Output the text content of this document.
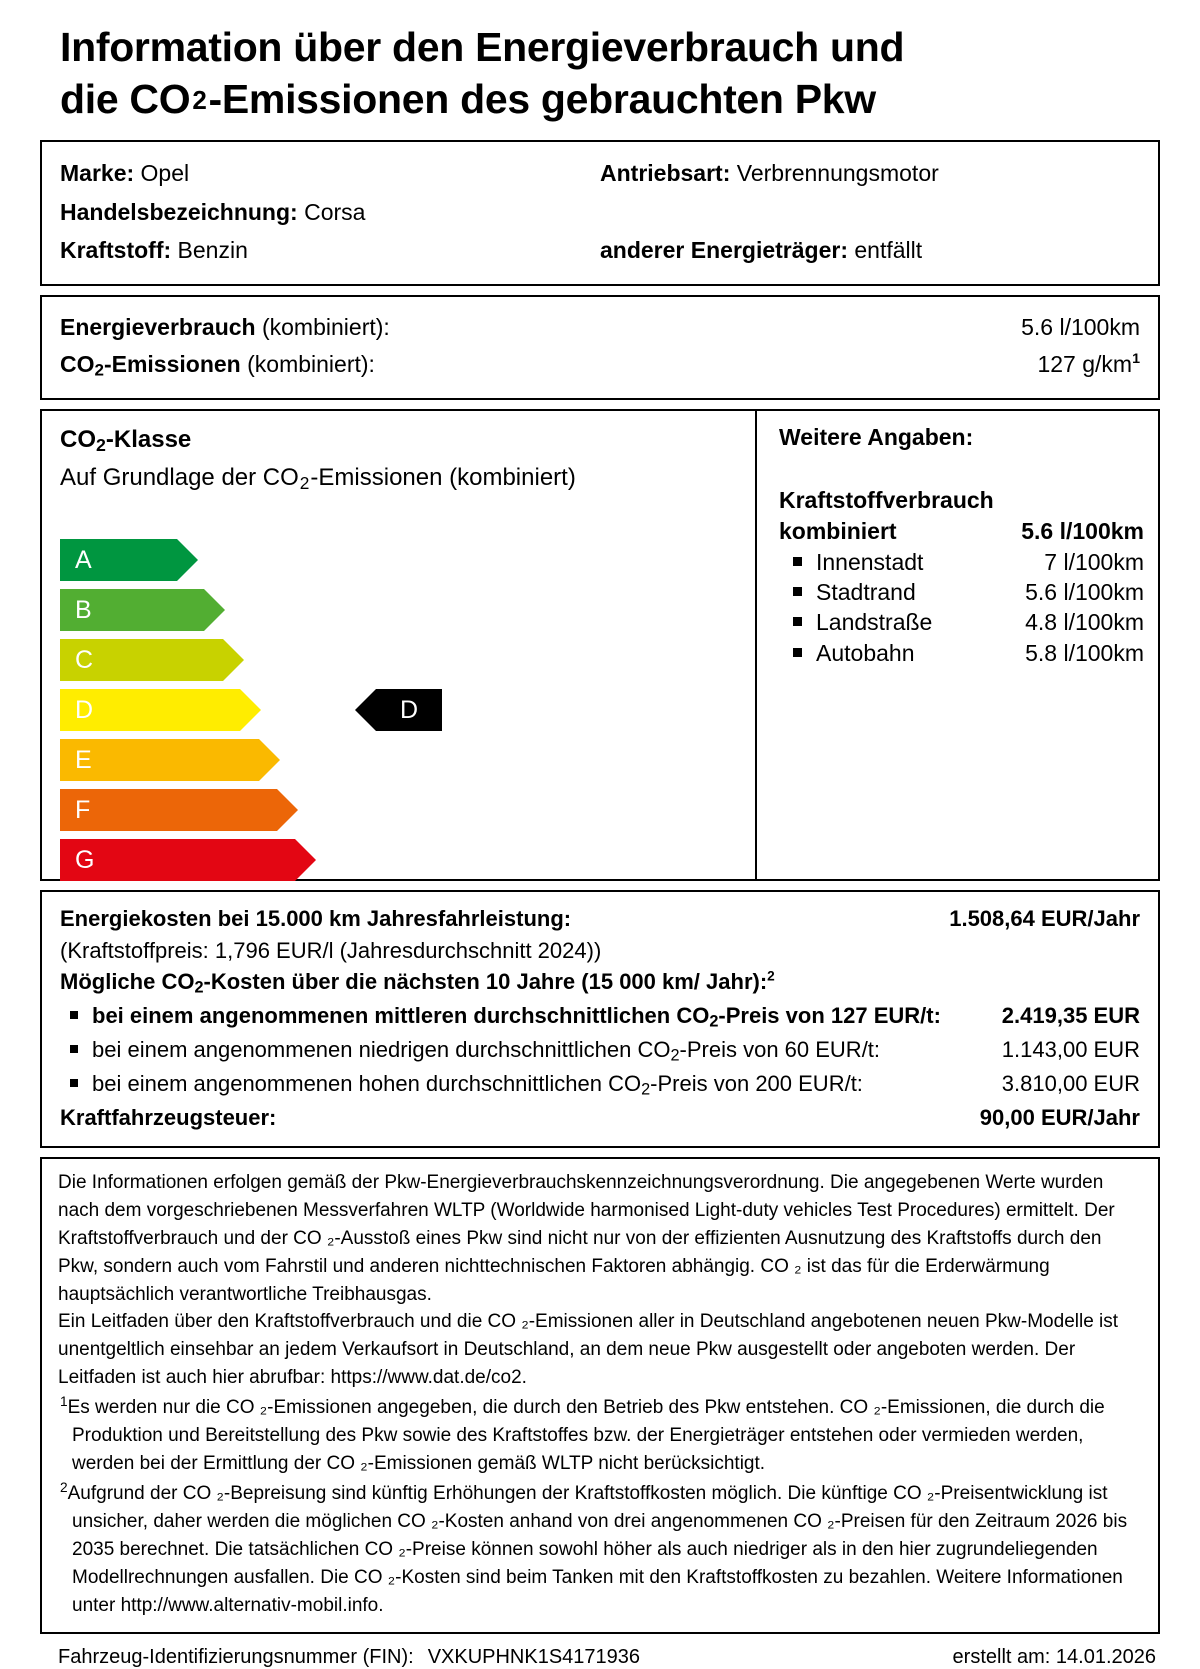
Information über den Energieverbrauch und
die CO2-Emissionen des gebrauchten Pkw
Marke: Opel
Handelsbezeichnung: Corsa
Kraftstoff: Benzin
Antriebsart: Verbrennungsmotor

anderer Energieträger: entfällt
Energieverbrauch (kombiniert):	5.6 l/100km
$CO_2$-Emissionen (kombiniert):	127 $g/km^1$
$CO_2$-Klasse
Auf Grundlage der CO2-Emissionen (kombiniert)
A
B
C
D	D
E
F
G
Weitere Angaben:
Kraftstoffverbrauch
kombiniert	5.6 l/100km
Innenstadt	7 l/100km
Stadtrand	5.6 l/100km
Landstraße	4.8 l/100km
Autobahn	5.8 l/100km
Energiekosten bei 15.000 km Jahresfahrleistung:	1.508,64 EUR/Jahr
(Kraftstoffpreis: 1,796 EUR/l (Jahresdurchschnitt 2024))
Mögliche $CO_2$-Kosten über die nächsten 10 Jahre (15 000 km/ Jahr):$^2$
bei einem angenommenen mittleren durchschnittlichen $CO_2$-Preis von 127 EUR/t:	2.419,35 EUR
bei einem angenommenen niedrigen durchschnittlichen $CO_2$-Preis von 60 EUR/t:	1.143,00 EUR
bei einem angenommenen hohen durchschnittlichen $CO_2$-Preis von 200 EUR/t:	3.810,00 EUR
Kraftfahrzeugsteuer:	90,00 EUR/Jahr

Die Informationen erfolgen gemäß der Pkw-Energieverbrauchskennzeichnungsverordnung. Die angegebenen Werte wurden nach dem vorgeschriebenen Messverfahren WLTP (Worldwide harmonised Light-duty vehicles Test Procedures) ermittelt. Der Kraftstoffverbrauch und der CO ₂-Ausstoß eines Pkw sind nicht nur von der effizienten Ausnutzung des Kraftstoffs durch den Pkw, sondern auch vom Fahrstil und anderen nichttechnischen Faktoren abhängig. CO ₂ ist das für die Erderwärmung hauptsächlich verantwortliche Treibhausgas.

Ein Leitfaden über den Kraftstoffverbrauch und die CO ₂-Emissionen aller in Deutschland angebotenen neuen Pkw-Modelle ist unentgeltlich einsehbar an jedem Verkaufsort in Deutschland, an dem neue Pkw ausgestellt oder angeboten werden. Der Leitfaden ist auch hier abrufbar: https://www.dat.de/co2.

$^1$Es werden nur die CO ₂-Emissionen angegeben, die durch den Betrieb des Pkw entstehen. CO ₂-Emissionen, die durch die Produktion und Bereitstellung des Pkw sowie des Kraftstoffes bzw. der Energieträger entstehen oder vermieden werden, werden bei der Ermittlung der CO ₂-Emissionen gemäß WLTP nicht berücksichtigt.

$^2$Aufgrund der CO ₂-Bepreisung sind künftig Erhöhungen der Kraftstoffkosten möglich. Die künftige CO ₂-Preisentwicklung ist unsicher, daher werden die möglichen CO ₂-Kosten anhand von drei angenommenen CO ₂-Preisen für den Zeitraum 2026 bis 2035 berechnet. Die tatsächlichen CO ₂-Preise können sowohl höher als auch niedriger als in den hier zugrundeliegenden Modellrechnungen ausfallen. Die CO ₂-Kosten sind beim Tanken mit den Kraftstoffkosten zu bezahlen. Weitere Informationen unter http://www.alternativ-mobil.info.

Fahrzeug-Identifizierungsnummer (FIN): VXKUPHNK1S4171936	erstellt am: 14.01.2026
